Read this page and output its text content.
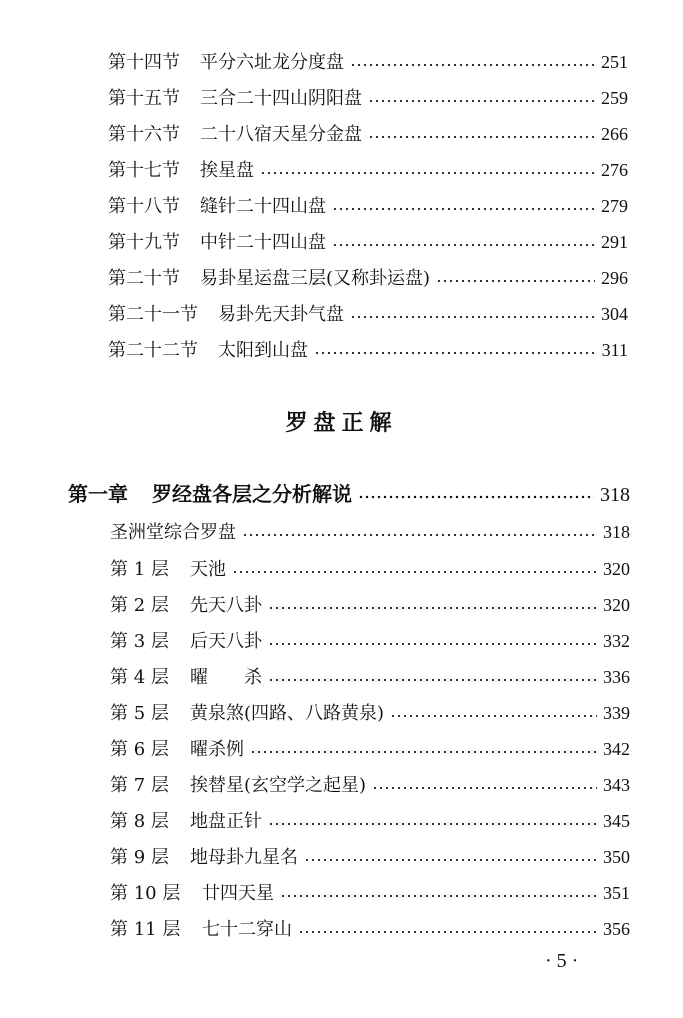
第十四节	平分六址龙分度盘	251
第十五节	三合二十四山阴阳盘	259
第十六节	二十八宿天星分金盘	266
第十七节	挨星盘	276
第十八节	缝针二十四山盘	279
第十九节	中针二十四山盘	291
第二十节	易卦星运盘三层(又称卦运盘)	296
第二十一节	易卦先天卦气盘	304
第二十二节	太阳到山盘	311
罗盘正解
第一章	罗经盘各层之分析解说	318
圣洲堂综合罗盘	318
第 1 层	天池	320
第 2 层	先天八卦	320
第 3 层	后天八卦	332
第 4 层	曜　　杀	336
第 5 层	黄泉煞(四路、八路黄泉)	339
第 6 层	曜杀例	342
第 7 层	挨替星(玄空学之起星)	343
第 8 层	地盘正针	345
第 9 层	地母卦九星名	350
第 10 层	廿四天星	351
第 11 层	七十二穿山	356
· 5 ·
